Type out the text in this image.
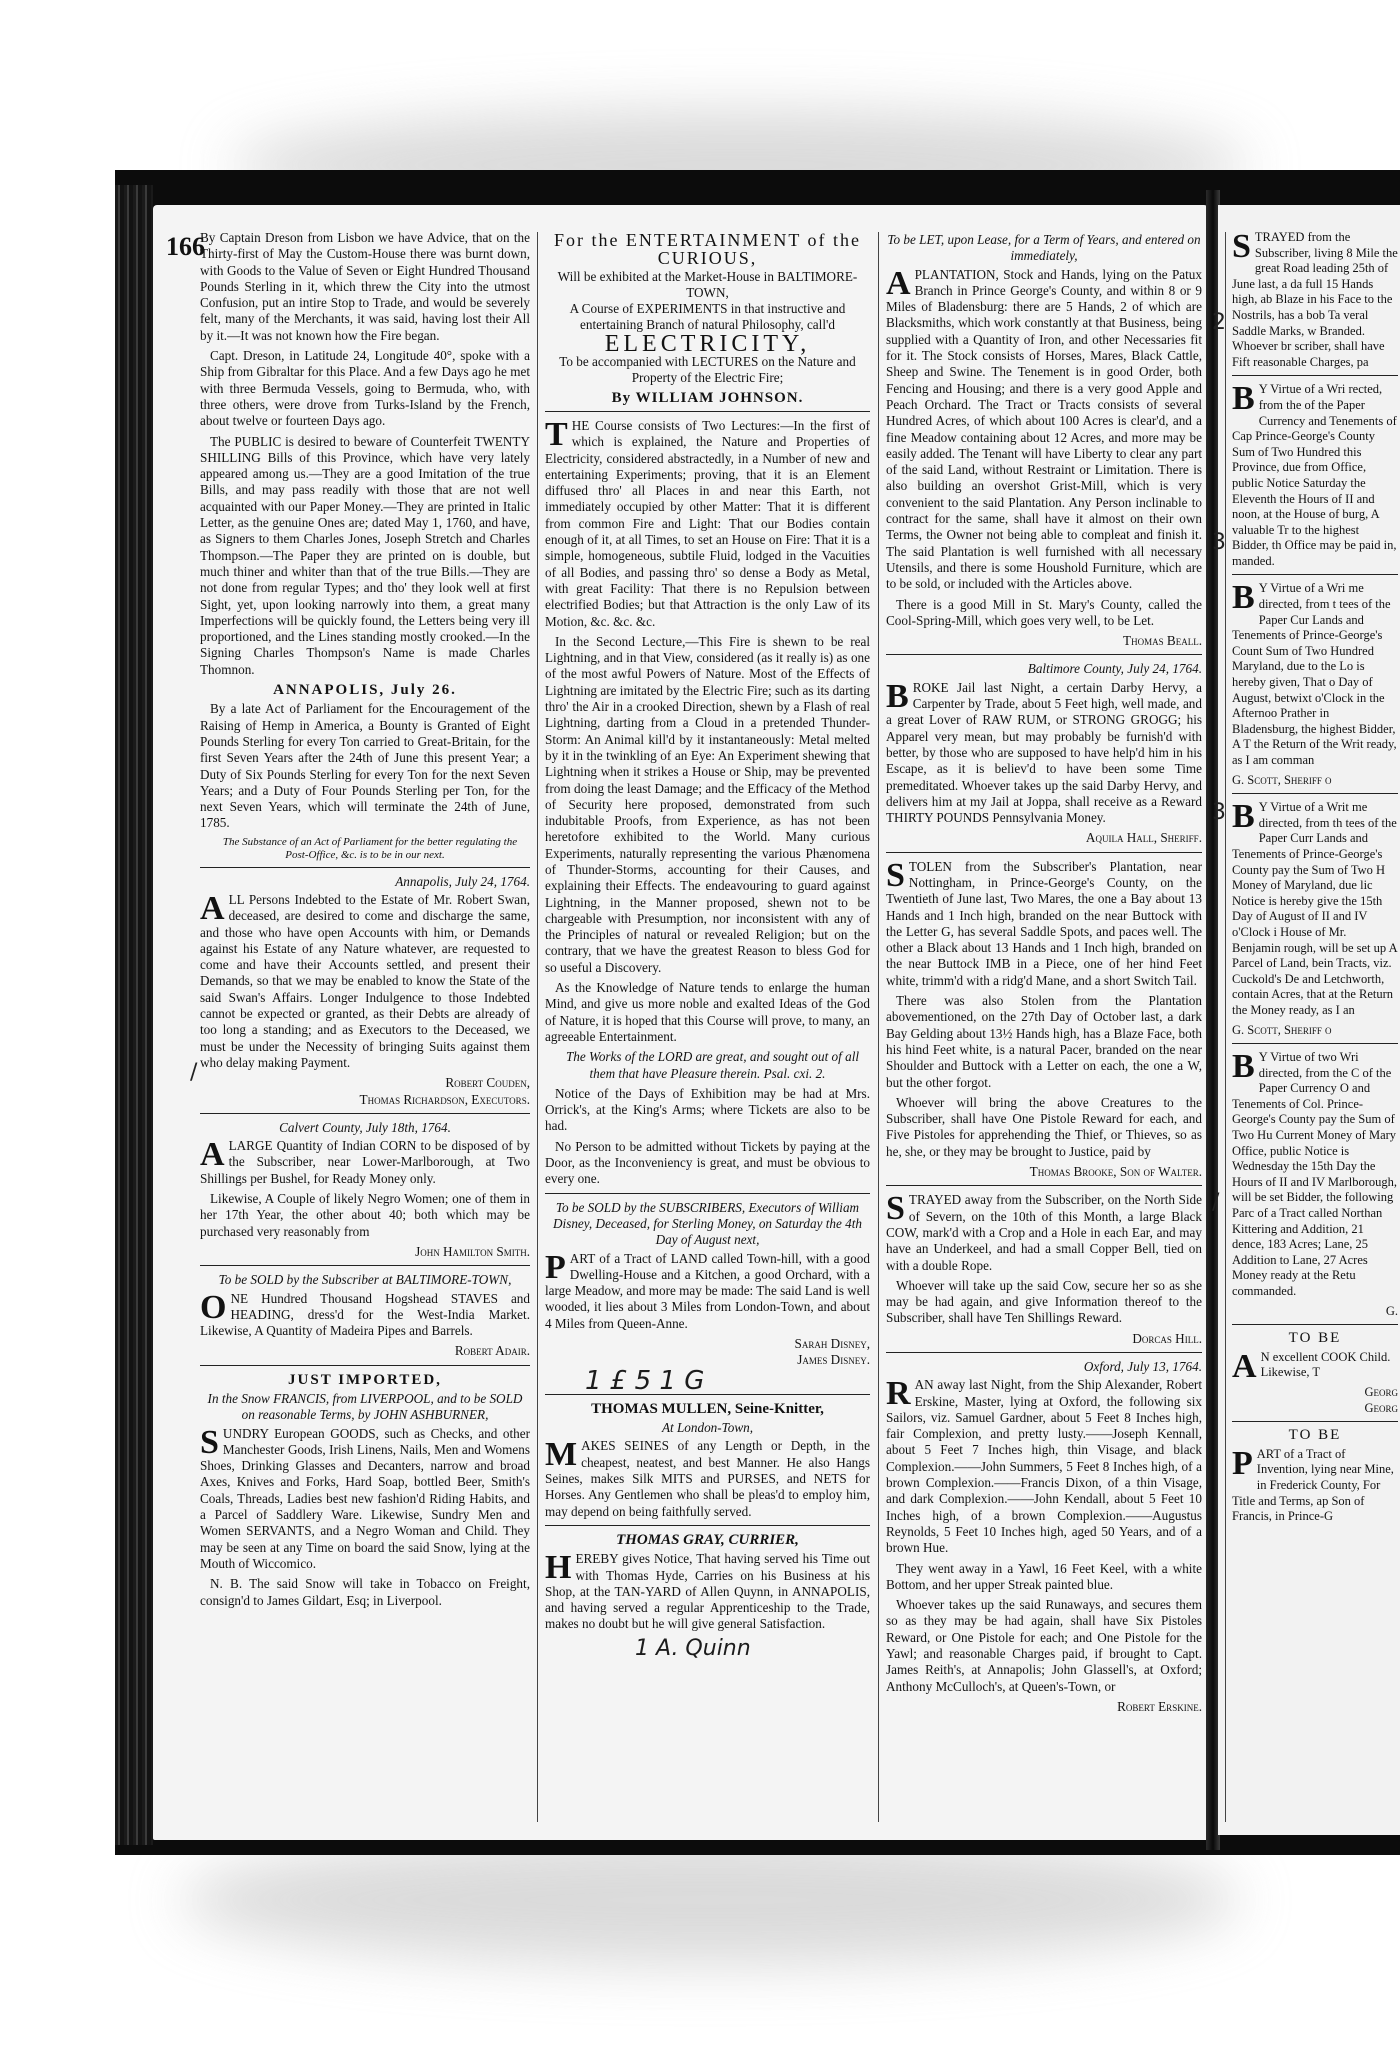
166

By Captain Dreson from Lisbon we have Advice, that on the Thirty-first of May the Custom-House there was burnt down, with Goods to the Value of Seven or Eight Hundred Thousand Pounds Sterling in it, which threw the City into the utmost Confusion, put an intire Stop to Trade, and would be severely felt, many of the Merchants, it was said, having lost their All by it.—It was not known how the Fire began.

Capt. Dreson, in Latitude 24, Longitude 40°, spoke with a Ship from Gibraltar for this Place. And a few Days ago he met with three Bermuda Vessels, going to Bermuda, who, with three others, were drove from Turks-Island by the French, about twelve or fourteen Days ago.

The PUBLIC is desired to beware of Counterfeit TWENTY SHILLING Bills of this Province, which have very lately appeared among us.—They are a good Imitation of the true Bills, and may pass readily with those that are not well acquainted with our Paper Money.—They are printed in Italic Letter, as the genuine Ones are; dated May 1, 1760, and have, as Signers to them Charles Jones, Joseph Stretch and Charles Thompson.—The Paper they are printed on is double, but much thiner and whiter than that of the true Bills.—They are not done from regular Types; and tho' they look well at first Sight, yet, upon looking narrowly into them, a great many Imperfections will be quickly found, the Letters being very ill proportioned, and the Lines standing mostly crooked.—In the Signing Charles Thompson's Name is made Charles Thomnon.

ANNAPOLIS, July 26.

By a late Act of Parliament for the Encouragement of the Raising of Hemp in America, a Bounty is Granted of Eight Pounds Sterling for every Ton carried to Great-Britain, for the first Seven Years after the 24th of June this present Year; a Duty of Six Pounds Sterling for every Ton for the next Seven Years; and a Duty of Four Pounds Sterling per Ton, for the next Seven Years, which will terminate the 24th of June, 1785.

The Substance of an Act of Parliament for the better regulating the Post-Office, &c. is to be in our next.

Annapolis, July 24, 1764.

ALL Persons Indebted to the Estate of Mr. Robert Swan, deceased, are desired to come and discharge the same, and those who have open Accounts with him, or Demands against his Estate of any Nature whatever, are requested to come and have their Accounts settled, and present their Demands, so that we may be enabled to know the State of the said Swan's Affairs. Longer Indulgence to those Indebted cannot be expected or granted, as their Debts are already of too long a standing; and as Executors to the Deceased, we must be under the Necessity of bringing Suits against them who delay making Payment.

Robert Couden,
Thomas Richardson, Executors.
Calvert County, July 18th, 1764.

ALARGE Quantity of Indian CORN to be disposed of by the Subscriber, near Lower-Marlborough, at Two Shillings per Bushel, for Ready Money only.

Likewise, A Couple of likely Negro Women; one of them in her 17th Year, the other about 40; both which may be purchased very reasonably from

John Hamilton Smith.
To be SOLD by the Subscriber at BALTIMORE-TOWN,

ONE Hundred Thousand Hogshead STAVES and HEADING, dress'd for the West-India Market. Likewise, A Quantity of Madeira Pipes and Barrels.

Robert Adair.
JUST IMPORTED,
In the Snow FRANCIS, from LIVERPOOL, and to be SOLD on reasonable Terms, by JOHN ASHBURNER,

SUNDRY European GOODS, such as Checks, and other Manchester Goods, Irish Linens, Nails, Men and Womens Shoes, Drinking Glasses and Decanters, narrow and broad Axes, Knives and Forks, Hard Soap, bottled Beer, Smith's Coals, Threads, Ladies best new fashion'd Riding Habits, and a Parcel of Saddlery Ware. Likewise, Sundry Men and Women SERVANTS, and a Negro Woman and Child. They may be seen at any Time on board the said Snow, lying at the Mouth of Wiccomico.

N. B. The said Snow will take in Tobacco on Freight, consign'd to James Gildart, Esq; in Liverpool.

For the ENTERTAINMENT of the
CURIOUS,
Will be exhibited at the Market-House in BALTIMORE-TOWN,
A Course of EXPERIMENTS in that instructive and entertaining Branch of natural Philosophy, call'd
ELECTRICITY,
To be accompanied with LECTURES on the Nature and Property of the Electric Fire;
By WILLIAM JOHNSON.

THE Course consists of Two Lectures:—In the first of which is explained, the Nature and Properties of Electricity, considered abstractedly, in a Number of new and entertaining Experiments; proving, that it is an Element diffused thro' all Places in and near this Earth, not immediately occupied by other Matter: That it is different from common Fire and Light: That our Bodies contain enough of it, at all Times, to set an House on Fire: That it is a simple, homogeneous, subtile Fluid, lodged in the Vacuities of all Bodies, and passing thro' so dense a Body as Metal, with great Facility: That there is no Repulsion between electrified Bodies; but that Attraction is the only Law of its Motion, &c. &c. &c.

In the Second Lecture,—This Fire is shewn to be real Lightning, and in that View, considered (as it really is) as one of the most awful Powers of Nature. Most of the Effects of Lightning are imitated by the Electric Fire; such as its darting thro' the Air in a crooked Direction, shewn by a Flash of real Lightning, darting from a Cloud in a pretended Thunder-Storm: An Animal kill'd by it instantaneously: Metal melted by it in the twinkling of an Eye: An Experiment shewing that Lightning when it strikes a House or Ship, may be prevented from doing the least Damage; and the Efficacy of the Method of Security here proposed, demonstrated from such indubitable Proofs, from Experience, as has not been heretofore exhibited to the World. Many curious Experiments, naturally representing the various Phænomena of Thunder-Storms, accounting for their Causes, and explaining their Effects. The endeavouring to guard against Lightning, in the Manner proposed, shewn not to be chargeable with Presumption, nor inconsistent with any of the Principles of natural or revealed Religion; but on the contrary, that we have the greatest Reason to bless God for so useful a Discovery.

As the Knowledge of Nature tends to enlarge the human Mind, and give us more noble and exalted Ideas of the God of Nature, it is hoped that this Course will prove, to many, an agreeable Entertainment.

The Works of the LORD are great, and sought out of all them that have Pleasure therein. Psal. cxi. 2.

Notice of the Days of Exhibition may be had at Mrs. Orrick's, at the King's Arms; where Tickets are also to be had.

No Person to be admitted without Tickets by paying at the Door, as the Inconveniency is great, and must be obvious to every one.

To be SOLD by the SUBSCRIBERS, Executors of William Disney, Deceased, for Sterling Money, on Saturday the 4th Day of August next,

PART of a Tract of LAND called Town-hill, with a good Dwelling-House and a Kitchen, a good Orchard, with a large Meadow, and more may be made: The said Land is well wooded, it lies about 3 Miles from London-Town, and about 4 Miles from Queen-Anne.

Sarah Disney,
James Disney.
1 £ 5 1 G
THOMAS MULLEN, Seine-Knitter,
At London-Town,

MAKES SEINES of any Length or Depth, in the cheapest, neatest, and best Manner. He also Hangs Seines, makes Silk MITS and PURSES, and NETS for Horses. Any Gentlemen who shall be pleas'd to employ him, may depend on being faithfully served.

THOMAS GRAY, CURRIER,

HEREBY gives Notice, That having served his Time out with Thomas Hyde, Carries on his Business at his Shop, at the TAN-YARD of Allen Quynn, in ANNAPOLIS, and having served a regular Apprenticeship to the Trade, makes no doubt but he will give general Satisfaction.

1 A. Quinn
To be LET, upon Lease, for a Term of Years, and entered on immediately,

APLANTATION, Stock and Hands, lying on the Patux Branch in Prince George's County, and within 8 or 9 Miles of Bladensburg: there are 5 Hands, 2 of which are Blacksmiths, which work constantly at that Business, being supplied with a Quantity of Iron, and other Necessaries fit for it. The Stock consists of Horses, Mares, Black Cattle, Sheep and Swine. The Tenement is in good Order, both Fencing and Housing; and there is a very good Apple and Peach Orchard. The Tract or Tracts consists of several Hundred Acres, of which about 100 Acres is clear'd, and a fine Meadow containing about 12 Acres, and more may be easily added. The Tenant will have Liberty to clear any part of the said Land, without Restraint or Limitation. There is also building an overshot Grist-Mill, which is very convenient to the said Plantation. Any Person inclinable to contract for the same, shall have it almost on their own Terms, the Owner not being able to compleat and finish it. The said Plantation is well furnished with all necessary Utensils, and there is some Houshold Furniture, which are to be sold, or included with the Articles above.

There is a good Mill in St. Mary's County, called the Cool-Spring-Mill, which goes very well, to be Let.

Thomas Beall.
Baltimore County, July 24, 1764.

BROKE Jail last Night, a certain Darby Hervy, a Carpenter by Trade, about 5 Feet high, well made, and a great Lover of RAW RUM, or STRONG GROGG; his Apparel very mean, but may probably be furnish'd with better, by those who are supposed to have help'd him in his Escape, as it is believ'd to have been some Time premeditated. Whoever takes up the said Darby Hervy, and delivers him at my Jail at Joppa, shall receive as a Reward THIRTY POUNDS Pennsylvania Money.

Aquila Hall, Sheriff.

STOLEN from the Subscriber's Plantation, near Nottingham, in Prince-George's County, on the Twentieth of June last, Two Mares, the one a Bay about 13 Hands and 1 Inch high, branded on the near Buttock with the Letter G, has several Saddle Spots, and paces well. The other a Black about 13 Hands and 1 Inch high, branded on the near Buttock IMB in a Piece, one of her hind Feet white, trimm'd with a ridg'd Mane, and a short Switch Tail.

There was also Stolen from the Plantation abovementioned, on the 27th Day of October last, a dark Bay Gelding about 13½ Hands high, has a Blaze Face, both his hind Feet white, is a natural Pacer, branded on the near Shoulder and Buttock with a Letter on each, the one a W, but the other forgot.

Whoever will bring the above Creatures to the Subscriber, shall have One Pistole Reward for each, and Five Pistoles for apprehending the Thief, or Thieves, so as he, she, or they may be brought to Justice, paid by

Thomas Brooke, Son of Walter.

STRAYED away from the Subscriber, on the North Side of Severn, on the 10th of this Month, a large Black COW, mark'd with a Crop and a Hole in each Ear, and may have an Underkeel, and had a small Copper Bell, tied on with a double Rope.

Whoever will take up the said Cow, secure her so as she may be had again, and give Information thereof to the Subscriber, shall have Ten Shillings Reward.

Dorcas Hill.
Oxford, July 13, 1764.

RAN away last Night, from the Ship Alexander, Robert Erskine, Master, lying at Oxford, the following six Sailors, viz. Samuel Gardner, about 5 Feet 8 Inches high, fair Complexion, and pretty lusty.——Joseph Kennall, about 5 Feet 7 Inches high, thin Visage, and black Complexion.——John Summers, 5 Feet 8 Inches high, of a brown Complexion.——Francis Dixon, of a thin Visage, and dark Complexion.——John Kendall, about 5 Feet 10 Inches high, of a brown Complexion.——Augustus Reynolds, 5 Feet 10 Inches high, aged 50 Years, and of a brown Hue.

They went away in a Yawl, 16 Feet Keel, with a white Bottom, and her upper Streak painted blue.

Whoever takes up the said Runaways, and secures them so as they may be had again, shall have Six Pistoles Reward, or One Pistole for each; and One Pistole for the Yawl; and reasonable Charges paid, if brought to Capt. James Reith's, at Annapolis; John Glassell's, at Oxford; Anthony McCulloch's, at Queen's-Town, or

Robert Erskine.

STRAYED from the Subscriber, living 8 Mile the great Road leading 25th of June last, a da full 15 Hands high, ab Blaze in his Face to the Nostrils, has a bob Ta veral Saddle Marks, w Branded. Whoever br scriber, shall have Fift reasonable Charges, pa

B Y Virtue of a Wri rected, from the of the Paper Currency and Tenements of Cap Prince-George's County Sum of Two Hundred this Province, due from Office, public Notice Saturday the Eleventh the Hours of II and noon, at the House of burg, A valuable Tr to the highest Bidder, th Office may be paid in, manded.

B Y Virtue of a Wri me directed, from t tees of the Paper Cur Lands and Tenements of Prince-George's Count Sum of Two Hundred Maryland, due to the Lo is hereby given, That o Day of August, betwixt o'Clock in the Afternoo Prather in Bladensburg, the highest Bidder, A T the Return of the Writ ready, as I am comman

G. Scott, Sheriff o

B Y Virtue of a Writ me directed, from th tees of the Paper Curr Lands and Tenements of Prince-George's County pay the Sum of Two H Money of Maryland, due lic Notice is hereby give the 15th Day of August of II and IV o'Clock i House of Mr. Benjamin rough, will be set up A Parcel of Land, bein Tracts, viz. Cuckold's De and Letchworth, contain Acres, that at the Return the Money ready, as I an

G. Scott, Sheriff o

B Y Virtue of two Wri directed, from the C of the Paper Currency O and Tenements of Col. Prince-George's County pay the Sum of Two Hu Current Money of Mary Office, public Notice is Wednesday the 15th Day the Hours of II and IV Marlborough, will be set Bidder, the following Parc of a Tract called Northan Kittering and Addition, 21 dence, 183 Acres; Lane, 25 Addition to Lane, 27 Acres Money ready at the Retu commanded.

G.
TO BE

A N excellent COOK Child. Likewise, T

Georg
Georg
TO BE

PART of a Tract of Invention, lying near Mine, in Frederick County, For Title and Terms, ap Son of Francis, in Prince-G

/
2
3
3
/
